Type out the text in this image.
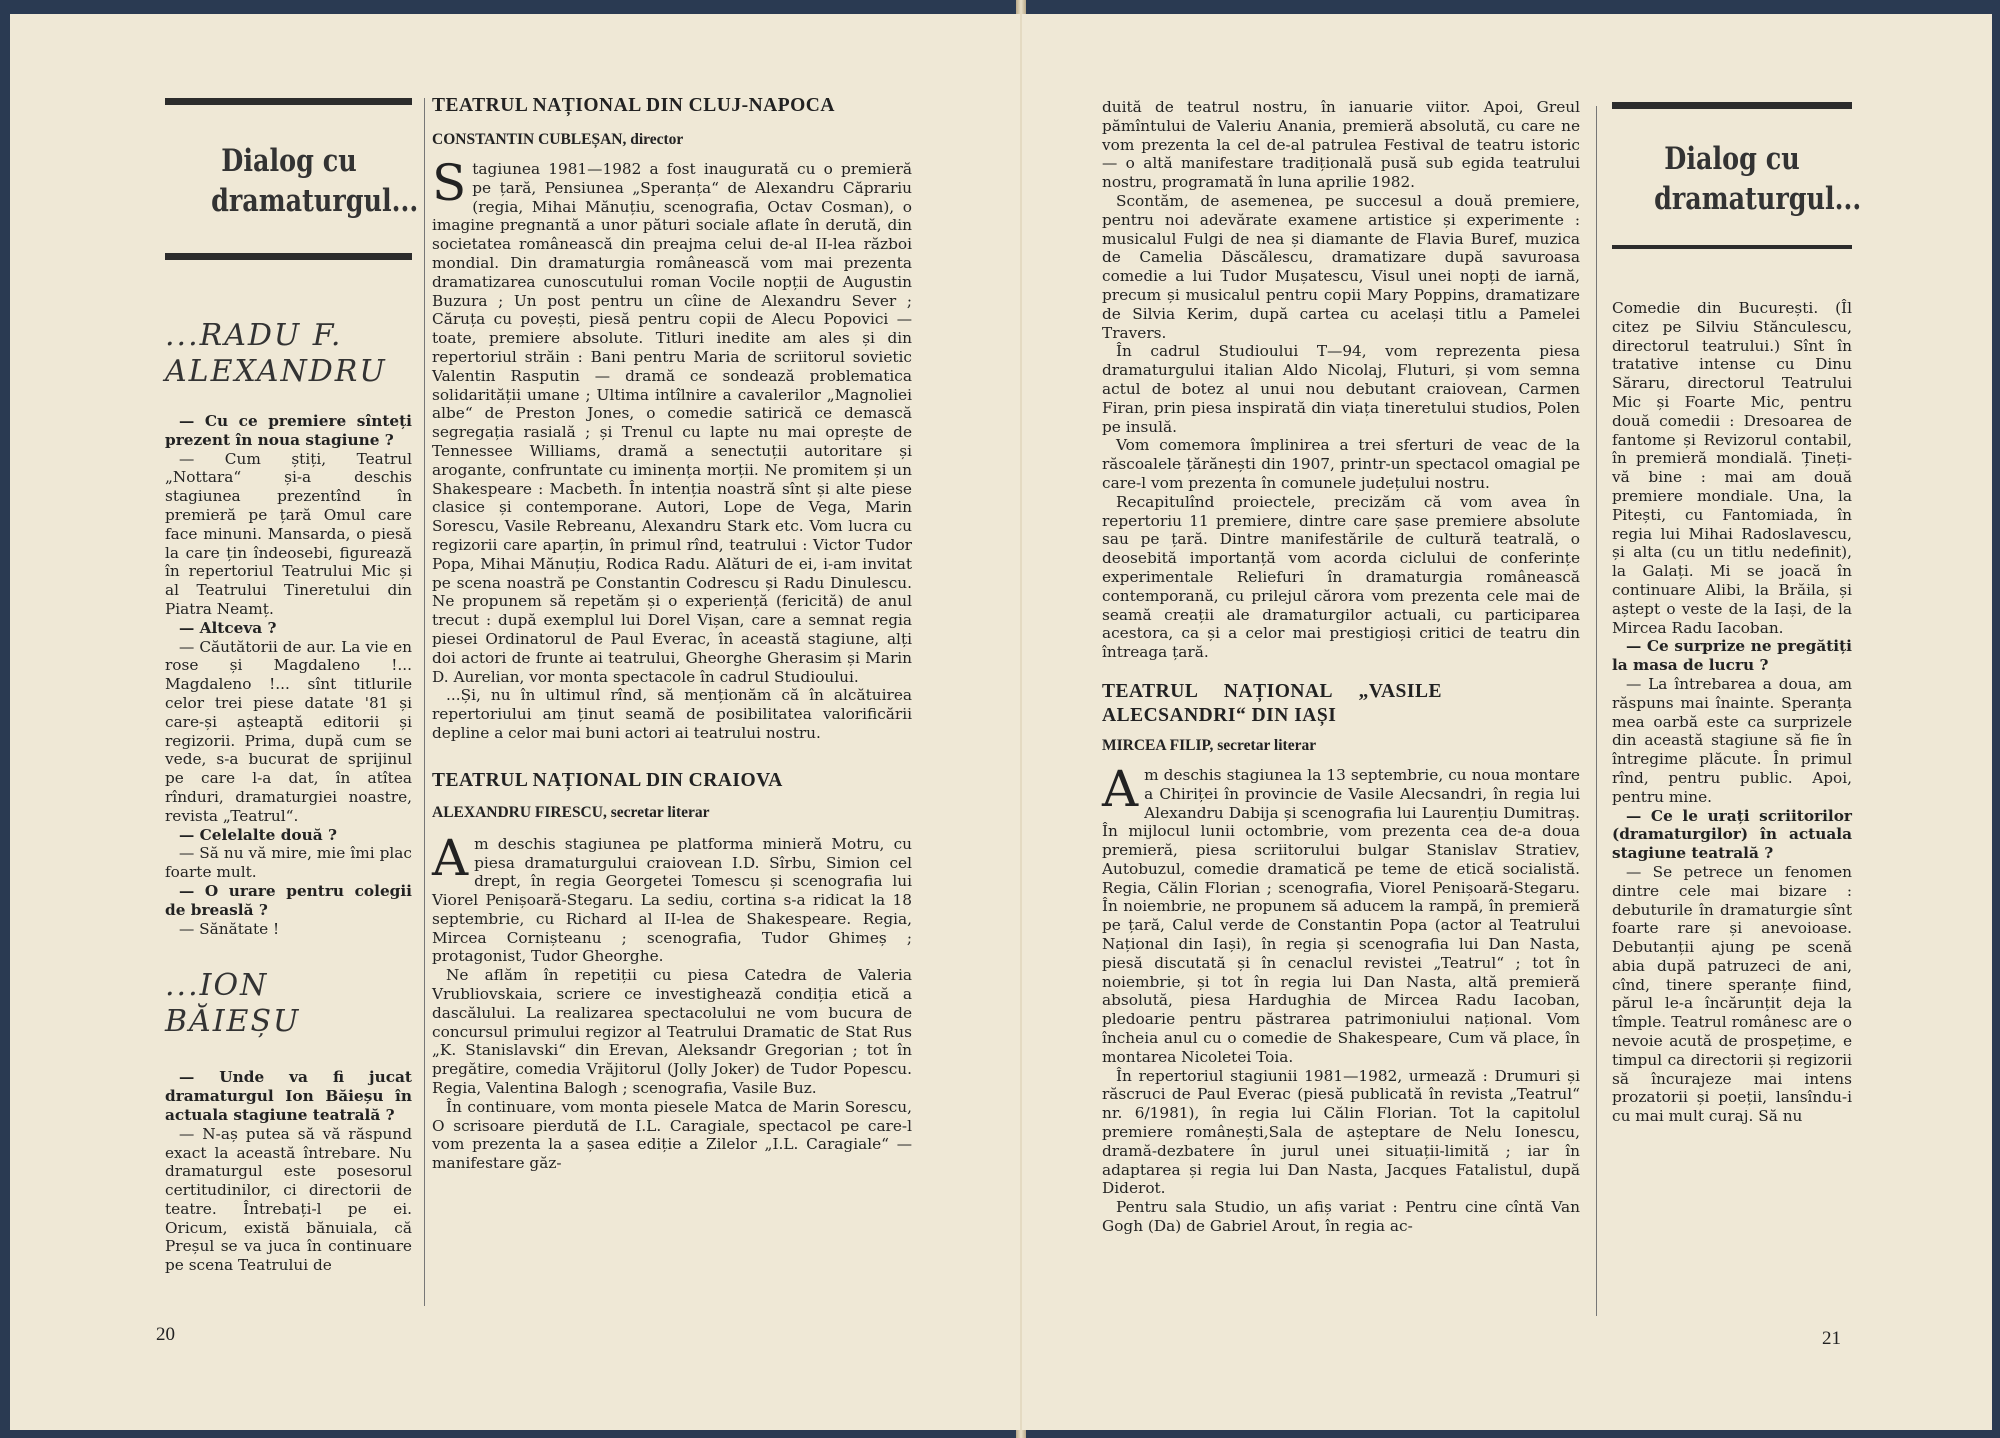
Dialog cu dramaturgul...
...RADU F. ALEXANDRU

— Cu ce premiere sînteți prezent în noua stagiune ?

— Cum știți, Teatrul „Nottara“ și-a deschis stagiunea prezentînd în premieră pe țară Omul care face minuni. Mansarda, o piesă la care țin îndeosebi, figurează în repertoriul Teatrului Mic și al Teatrului Tineretului din Piatra Neamț.

— Altceva ?

— Căutătorii de aur. La vie en rose și Magdaleno !... Magdaleno !... sînt titlurile celor trei piese datate '81 și care-și așteaptă editorii și regizorii. Prima, după cum se vede, s-a bucurat de sprijinul pe care l-a dat, în atîtea rînduri, dramaturgiei noastre, revista „Teatrul“.

— Celelalte două ?

— Să nu vă mire, mie îmi plac foarte mult.

— O urare pentru colegii de breaslă ?

— Sănătate !

...ION BĂIEȘU

— Unde va fi jucat dramaturgul Ion Băieșu în actuala stagiune teatrală ?

— N-aș putea să vă răspund exact la această întrebare. Nu dramaturgul este posesorul certitudinilor, ci directorii de teatre. Întrebați-l pe ei. Oricum, există bănuiala, că Preșul se va juca în continuare pe scena Teatrului de

TEATRUL NAȚIONAL DIN CLUJ-NAPOCA
CONSTANTIN CUBLEȘAN, director
S tagiunea 1981—1982 a fost inaugurată cu o premieră pe țară, Pensiunea „Speranța“ de Alexandru Căprariu (regia, Mihai Mănuțiu, scenografia, Octav Cosman), o imagine pregnantă a unor pături sociale aflate în derută, din societatea românească din preajma celui de-al II-lea război mondial. Din dramaturgia românească vom mai prezenta dramatizarea cunoscutului roman Vocile nopții de Augustin Buzura ; Un post pentru un cîine de Alexandru Sever ; Căruța cu povești, piesă pentru copii de Alecu Popovici — toate, premiere absolute. Titluri inedite am ales și din repertoriul străin : Bani pentru Maria de scriitorul sovietic Valentin Rasputin — dramă ce sondează problematica solidarității umane ; Ultima intîlnire a cavalerilor „Magnoliei albe“ de Preston Jones, o comedie satirică ce demască segregația rasială ; și Trenul cu lapte nu mai oprește de Tennessee Williams, dramă a senectuții autoritare și arogante, confruntate cu iminența morții. Ne promitem și un Shakespeare : Macbeth. În intenția noastră sînt și alte piese clasice și contemporane. Autori, Lope de Vega, Marin Sorescu, Vasile Rebreanu, Alexandru Stark etc. Vom lucra cu regizorii care aparțin, în primul rînd, teatrului : Victor Tudor Popa, Mihai Mănuțiu, Rodica Radu. Alături de ei, i-am invitat pe scena noastră pe Constantin Codrescu și Radu Dinulescu. Ne propunem să repetăm și o experiență (fericită) de anul trecut : după exemplul lui Dorel Vișan, care a semnat regia piesei Ordinatorul de Paul Everac, în această stagiune, alți doi actori de frunte ai teatrului, Gheorghe Gherasim și Marin D. Aurelian, vor monta spectacole în cadrul Studioului.

...Și, nu în ultimul rînd, să menționăm că în alcătuirea repertoriului am ținut seamă de posibilitatea valorificării depline a celor mai buni actori ai teatrului nostru.

TEATRUL NAȚIONAL DIN CRAIOVA
ALEXANDRU FIRESCU, secretar literar
A m deschis stagiunea pe platforma minieră Motru, cu piesa dramaturgului craiovean I.D. Sîrbu, Simion cel drept, în regia Georgetei Tomescu și scenografia lui Viorel Penișoară-Stegaru. La sediu, cortina s-a ridicat la 18 septembrie, cu Richard al II-lea de Shakespeare. Regia, Mircea Cornișteanu ; scenografia, Tudor Ghimeș ; protagonist, Tudor Gheorghe.

Ne aflăm în repetiții cu piesa Catedra de Valeria Vrubliovskaia, scriere ce investighează condiția etică a dascălului. La realizarea spectacolului ne vom bucura de concursul primului regizor al Teatrului Dramatic de Stat Rus „K. Stanislavski“ din Erevan, Aleksandr Gregorian ; tot în pregătire, comedia Vrăjitorul (Jolly Joker) de Tudor Popescu. Regia, Valentina Balogh ; scenografia, Vasile Buz.

În continuare, vom monta piesele Matca de Marin Sorescu, O scrisoare pierdută de I.L. Caragiale, spectacol pe care-l vom prezenta la a șasea ediție a Zilelor „I.L. Caragiale“ — manifestare găz-

20

duită de teatrul nostru, în ianuarie viitor. Apoi, Greul pămîntului de Valeriu Anania, premieră absolută, cu care ne vom prezenta la cel de-al patrulea Festival de teatru istoric — o altă manifestare tradițională pusă sub egida teatrului nostru, programată în luna aprilie 1982.

Scontăm, de asemenea, pe succesul a două premiere, pentru noi adevărate examene artistice și experimente : musicalul Fulgi de nea și diamante de Flavia Buref, muzica de Camelia Dăscălescu, dramatizare după savuroasa comedie a lui Tudor Mușatescu, Visul unei nopți de iarnă, precum și musicalul pentru copii Mary Poppins, dramatizare de Silvia Kerim, după cartea cu același titlu a Pamelei Travers.

În cadrul Studioului T—94, vom reprezenta piesa dramaturgului italian Aldo Nicolaj, Fluturi, și vom semna actul de botez al unui nou debutant craiovean, Carmen Firan, prin piesa inspirată din viața tineretului studios, Polen pe insulă.

Vom comemora împlinirea a trei sferturi de veac de la răscoalele țărănești din 1907, printr-un spectacol omagial pe care-l vom prezenta în comunele județului nostru.

Recapitulînd proiectele, precizăm că vom avea în repertoriu 11 premiere, dintre care șase premiere absolute sau pe țară. Dintre manifestările de cultură teatrală, o deosebită importanță vom acorda ciclului de conferințe experimentale Reliefuri în dramaturgia românească contemporană, cu prilejul cărora vom prezenta cele mai de seamă creații ale dramaturgilor actuali, cu participarea acestora, ca și a celor mai prestigioși critici de teatru din întreaga țară.

TEATRUL NAȚIONAL „VASILE ALECSANDRI“ DIN IAȘI
MIRCEA FILIP, secretar literar
A m deschis stagiunea la 13 septembrie, cu noua montare a Chiriței în provincie de Vasile Alecsandri, în regia lui Alexandru Dabija și scenografia lui Laurențiu Dumitraș. În mijlocul lunii octombrie, vom prezenta cea de-a doua premieră, piesa scriitorului bulgar Stanislav Stratiev, Autobuzul, comedie dramatică pe teme de etică socialistă. Regia, Călin Florian ; scenografia, Viorel Penișoară-Stegaru. În noiembrie, ne propunem să aducem la rampă, în premieră pe țară, Calul verde de Constantin Popa (actor al Teatrului Național din Iași), în regia și scenografia lui Dan Nasta, piesă discutată și în cenaclul revistei „Teatrul“ ; tot în noiembrie, și tot în regia lui Dan Nasta, altă premieră absolută, piesa Hardughia de Mircea Radu Iacoban, pledoarie pentru păstrarea patrimoniului național. Vom încheia anul cu o comedie de Shakespeare, Cum vă place, în montarea Nicoletei Toia.

În repertoriul stagiunii 1981—1982, urmează : Drumuri și răscruci de Paul Everac (piesă publicată în revista „Teatrul“ nr. 6/1981), în regia lui Călin Florian. Tot la capitolul premiere românești,Sala de așteptare de Nelu Ionescu, dramă-dezbatere în jurul unei situații-limită ; iar în adaptarea și regia lui Dan Nasta, Jacques Fatalistul, după Diderot.

Pentru sala Studio, un afiș variat : Pentru cine cîntă Van Gogh (Da) de Gabriel Arout, în regia ac-

Dialog cu dramaturgul...

Comedie din București. (Îl citez pe Silviu Stănculescu, directorul teatrului.) Sînt în tratative intense cu Dinu Săraru, directorul Teatrului Mic și Foarte Mic, pentru două comedii : Dresoarea de fantome și Revizorul contabil, în premieră mondială. Țineți-vă bine : mai am două premiere mondiale. Una, la Pitești, cu Fantomiada, în regia lui Mihai Radoslavescu, și alta (cu un titlu nedefinit), la Galați. Mi se joacă în continuare Alibi, la Brăila, și aștept o veste de la Iași, de la Mircea Radu Iacoban.

— Ce surprize ne pregătiți la masa de lucru ?

— La întrebarea a doua, am răspuns mai înainte. Speranța mea oarbă este ca surprizele din această stagiune să fie în întregime plăcute. În primul rînd, pentru public. Apoi, pentru mine.

— Ce le urați scriitorilor (dramaturgilor) în actuala stagiune teatrală ?

— Se petrece un fenomen dintre cele mai bizare : debuturile în dramaturgie sînt foarte rare și anevoioase. Debutanții ajung pe scenă abia după patruzeci de ani, cînd, tinere speranțe fiind, părul le-a încărunțit deja la tîmple. Teatrul românesc are o nevoie acută de prospețime, e timpul ca directorii și regizorii să încurajeze mai intens prozatorii și poeții, lansîndu-i cu mai mult curaj. Să nu

21
